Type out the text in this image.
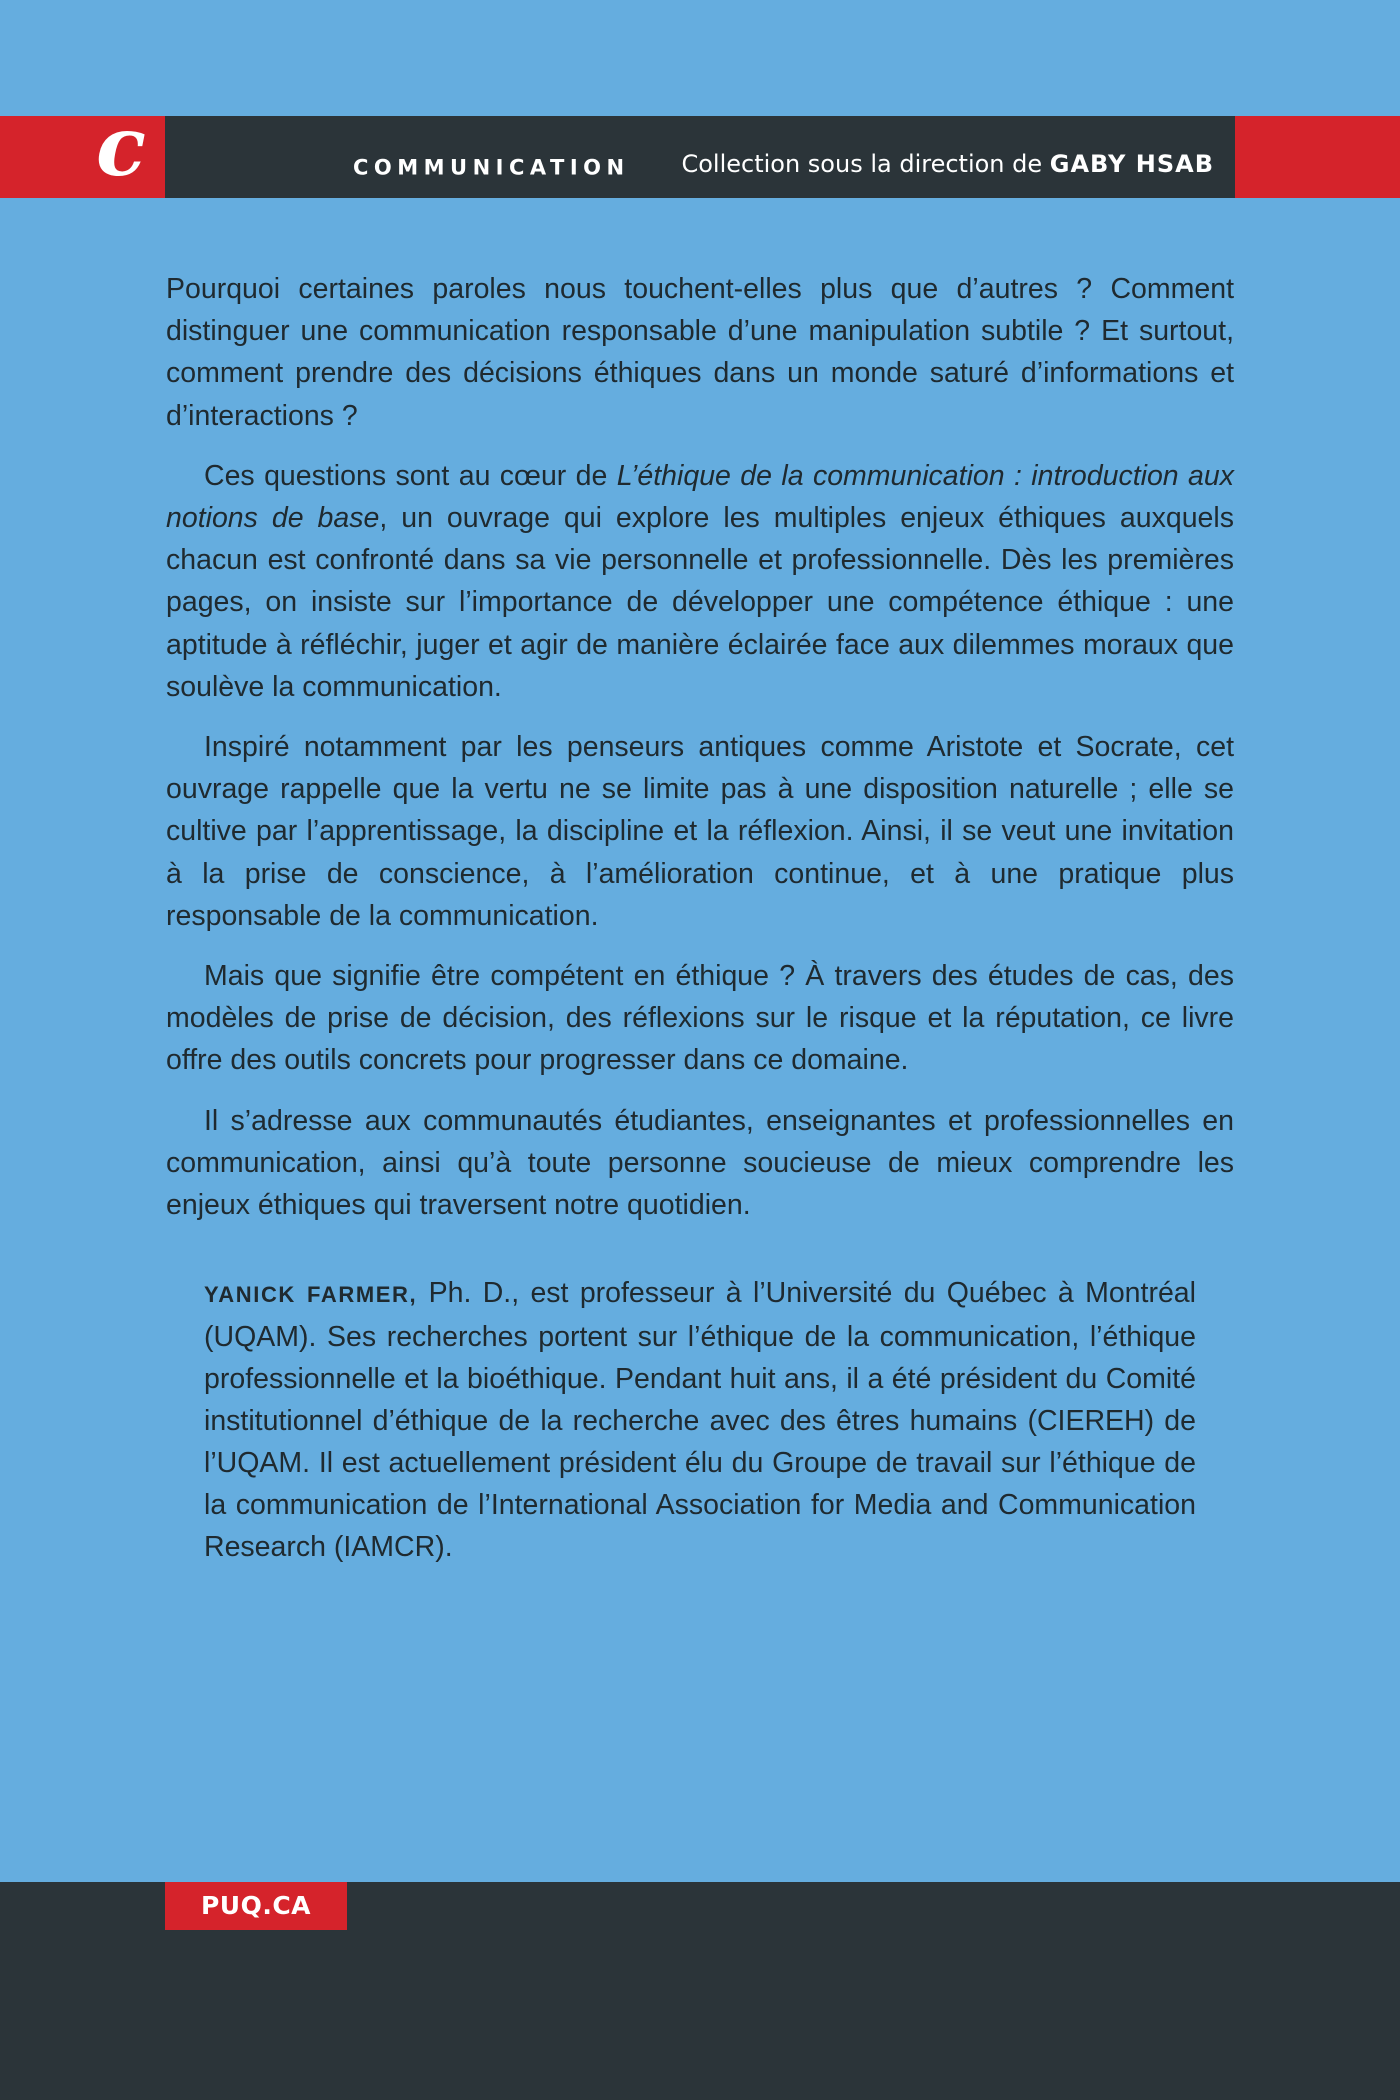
c	COMMUNICATION Collection sous la direction de GABY HSAB

Pourquoi certaines paroles nous touchent-elles plus que d’autres ? Comment distinguer une communication responsable d’une manipulation subtile ? Et surtout, comment prendre des décisions éthiques dans un monde saturé d’informations et d’interactions ?

Ces questions sont au cœur de L’éthique de la communication : introduction aux notions de base, un ouvrage qui explore les multiples enjeux éthiques auxquels chacun est confronté dans sa vie personnelle et professionnelle. Dès les premières pages, on insiste sur l’importance de développer une compétence éthique : une aptitude à réfléchir, juger et agir de manière éclairée face aux dilemmes moraux que soulève la communication.

Inspiré notamment par les penseurs antiques comme Aristote et Socrate, cet ouvrage rappelle que la vertu ne se limite pas à une disposition naturelle ; elle se cultive par l’apprentissage, la discipline et la réflexion. Ainsi, il se veut une invitation à la prise de conscience, à l’amélioration continue, et à une pratique plus responsable de la communication.

Mais que signifie être compétent en éthique ? À travers des études de cas, des modèles de prise de décision, des réflexions sur le risque et la réputation, ce livre offre des outils concrets pour progresser dans ce domaine.

Il s’adresse aux communautés étudiantes, enseignantes et professionnelles en communication, ainsi qu’à toute personne soucieuse de mieux comprendre les enjeux éthiques qui traversent notre quotidien.

YANICK FARMER, Ph. D., est professeur à l’Université du Québec à Montréal (UQAM). Ses recherches portent sur l’éthique de la communication, l’éthique professionnelle et la bioéthique. Pendant huit ans, il a été président du Comité institutionnel d’éthique de la recherche avec des êtres humains (CIEREH) de l’UQAM. Il est actuellement président élu du Groupe de travail sur l’éthique de la communication de l’International Association for Media and Communication Research (IAMCR).

PUQ.CA
